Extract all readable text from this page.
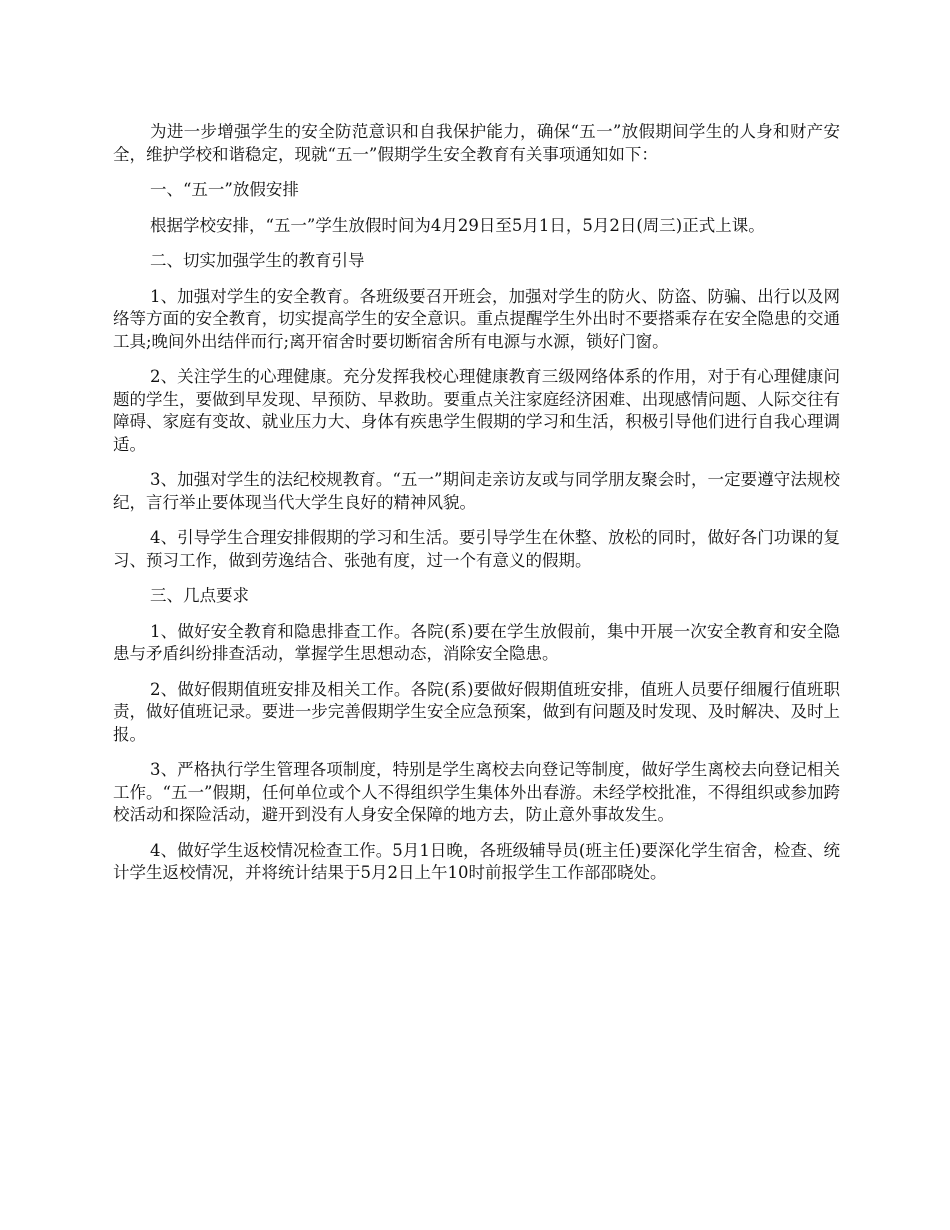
为进一步增强学生的安全防范意识和自我保护能力，确保“五一”放假期间学生的人身和财产安全，维护学校和谐稳定，现就“五一”假期学生安全教育有关事项通知如下：

一、“五一”放假安排

根据学校安排，“五一”学生放假时间为4月29日至5月1日，5月2日(周三)正式上课。

二、切实加强学生的教育引导

1、加强对学生的安全教育。各班级要召开班会，加强对学生的防火、防盗、防骗、出行以及网络等方面的安全教育，切实提高学生的安全意识。重点提醒学生外出时不要搭乘存在安全隐患的交通工具;晚间外出结伴而行;离开宿舍时要切断宿舍所有电源与水源，锁好门窗。

2、关注学生的心理健康。充分发挥我校心理健康教育三级网络体系的作用，对于有心理健康问题的学生，要做到早发现、早预防、早救助。要重点关注家庭经济困难、出现感情问题、人际交往有障碍、家庭有变故、就业压力大、身体有疾患学生假期的学习和生活，积极引导他们进行自我心理调适。

3、加强对学生的法纪校规教育。“五一”期间走亲访友或与同学朋友聚会时，一定要遵守法规校纪，言行举止要体现当代大学生良好的精神风貌。

4、引导学生合理安排假期的学习和生活。要引导学生在休整、放松的同时，做好各门功课的复习、预习工作，做到劳逸结合、张弛有度，过一个有意义的假期。

三、几点要求

1、做好安全教育和隐患排查工作。各院(系)要在学生放假前，集中开展一次安全教育和安全隐患与矛盾纠纷排查活动，掌握学生思想动态，消除安全隐患。

2、做好假期值班安排及相关工作。各院(系)要做好假期值班安排，值班人员要仔细履行值班职责，做好值班记录。要进一步完善假期学生安全应急预案，做到有问题及时发现、及时解决、及时上报。

3、严格执行学生管理各项制度，特别是学生离校去向登记等制度，做好学生离校去向登记相关工作。“五一”假期，任何单位或个人不得组织学生集体外出春游。未经学校批准，不得组织或参加跨校活动和探险活动，避开到没有人身安全保障的地方去，防止意外事故发生。

4、做好学生返校情况检查工作。5月1日晚，各班级辅导员(班主任)要深化学生宿舍，检查、统计学生返校情况，并将统计结果于5月2日上午10时前报学生工作部邵晓处。
